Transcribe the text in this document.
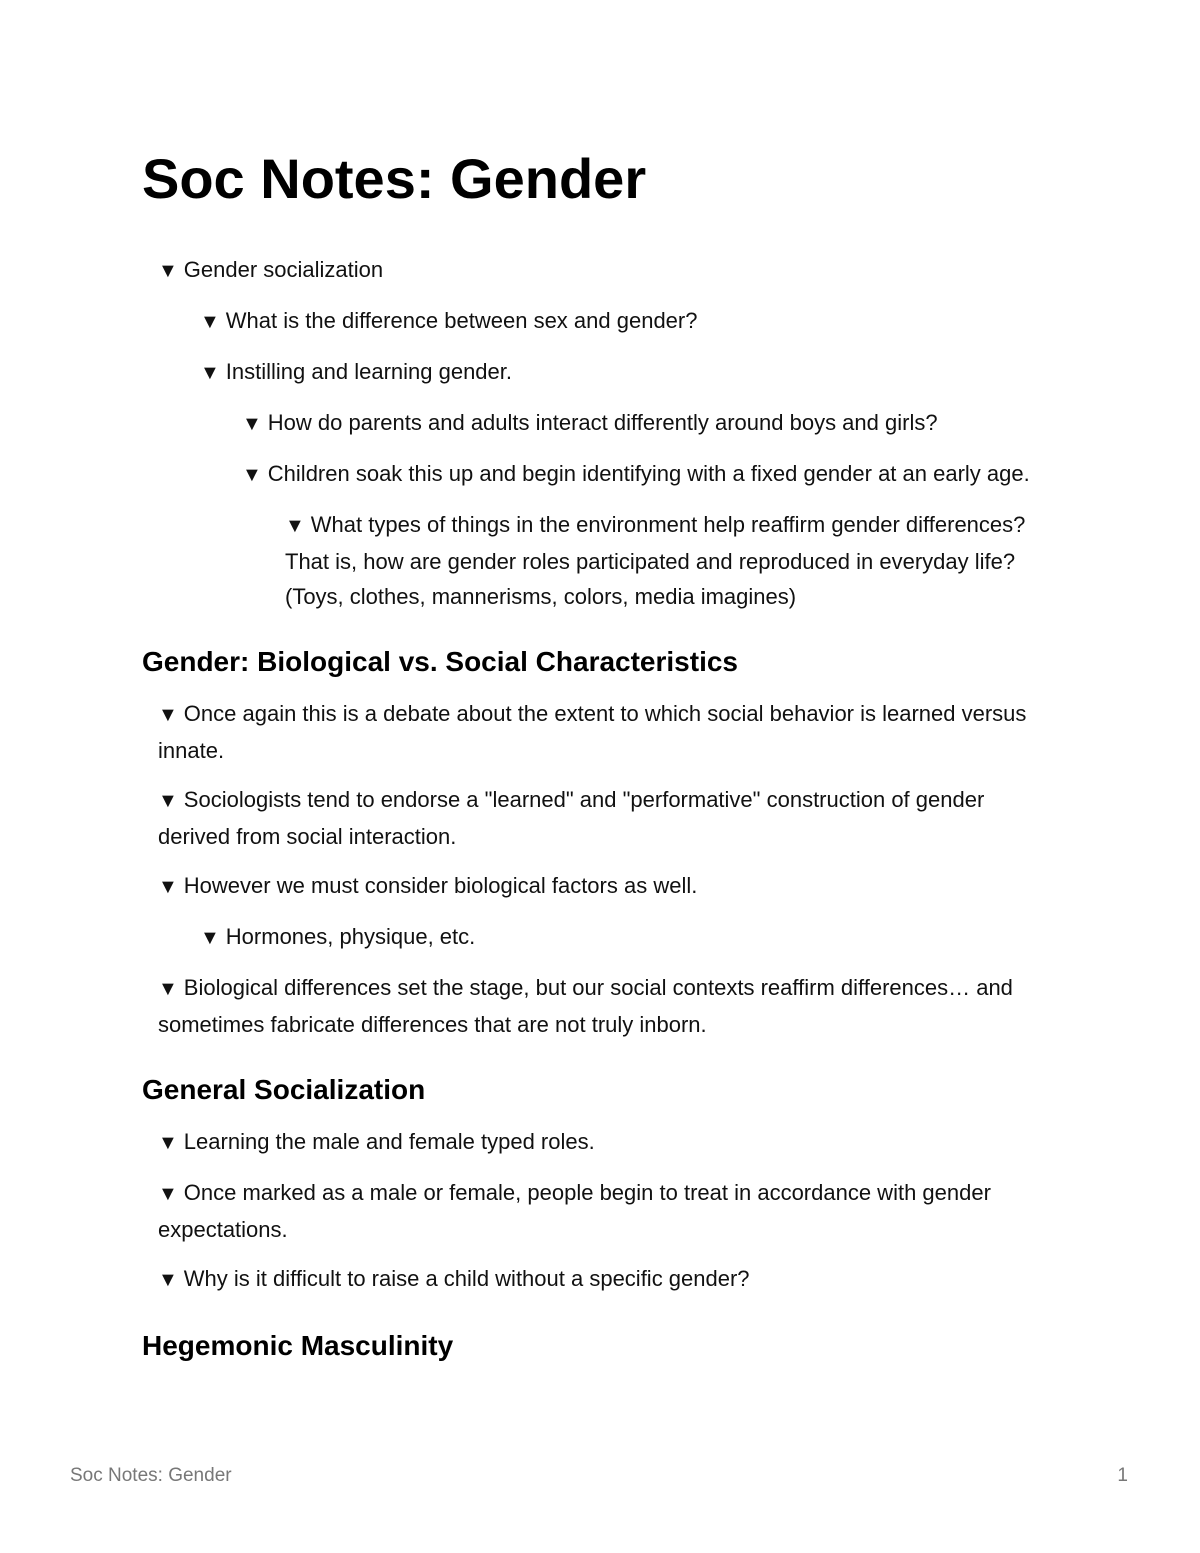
Soc Notes: Gender
▼ Gender socialization
▼ What is the difference between sex and gender?
▼ Instilling and learning gender.
▼ How do parents and adults interact differently around boys and girls?
▼ Children soak this up and begin identifying with a fixed gender at an early age.
▼ What types of things in the environment help reaffirm gender differences? That is, how are gender roles participated and reproduced in everyday life? (Toys, clothes, mannerisms, colors, media imagines)
Gender: Biological vs. Social Characteristics
▼ Once again this is a debate about the extent to which social behavior is learned versus innate.
▼ Sociologists tend to endorse a "learned" and "performative" construction of gender derived from social interaction.
▼ However we must consider biological factors as well.
▼ Hormones, physique, etc.
▼ Biological differences set the stage, but our social contexts reaffirm differences… and sometimes fabricate differences that are not truly inborn.
General Socialization
▼ Learning the male and female typed roles.
▼ Once marked as a male or female, people begin to treat in accordance with gender expectations.
▼ Why is it difficult to raise a child without a specific gender?
Hegemonic Masculinity
Soc Notes: Gender	1
